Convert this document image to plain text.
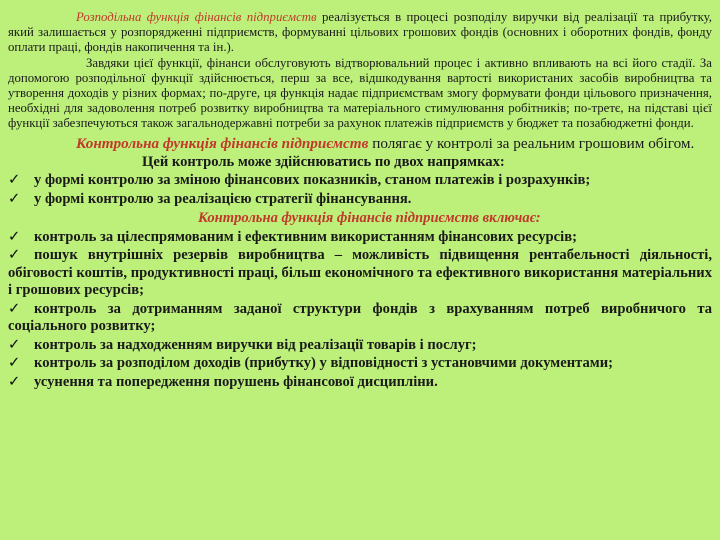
Розподільна функція фінансів підприємств реалізується в процесі розподілу виручки від реалізації та прибутку, який залишається у розпорядженні підприємств, формуванні цільових грошових фондів (основних і оборотних фондів, фонду оплати праці, фондів накопичення та ін.).

Завдяки цієї функції, фінанси обслуговують відтворювальний процес і активно впливають на всі його стадії. За допомогою розподільної функції здійснюється, перш за все, відшкодування вартості використаних засобів виробництва та утворення доходів у різних формах; по-друге, ця функція надає підприємствам змогу формувати фонди цільового призначення, необхідні для задоволення потреб розвитку виробництва та матеріального стимулювання робітників; по-третє, на підставі цієї функції забезпечуються також загальнодержавні потреби за рахунок платежів підприємств у бюджет та позабюджетні фонди.

Контрольна функція фінансів підприємств полягає у контролі за реальним грошовим обігом.

Цей контроль може здійснюватись по двох напрямках:

✓ у формі контролю за зміною фінансових показників, станом платежів і розрахунків;

✓ у формі контролю за реалізацією стратегії фінансування.

Контрольна функція фінансів підприємств включає:

✓ контроль за цілеспрямованим і ефективним використанням фінансових ресурсів;

✓ пошук внутрішніх резервів виробництва – можливість підвищення рентабельності діяльності, обіговості коштів, продуктивності праці, більш економічного та ефективного використання матеріальних і грошових ресурсів;

✓ контроль за дотриманням заданої структури фондів з врахуванням потреб виробничого та соціального розвитку;

✓ контроль за надходженням виручки від реалізації товарів і послуг;

✓ контроль за розподілом доходів (прибутку) у відповідності з установчими документами;

✓ усунення та попередження порушень фінансової дисципліни.
